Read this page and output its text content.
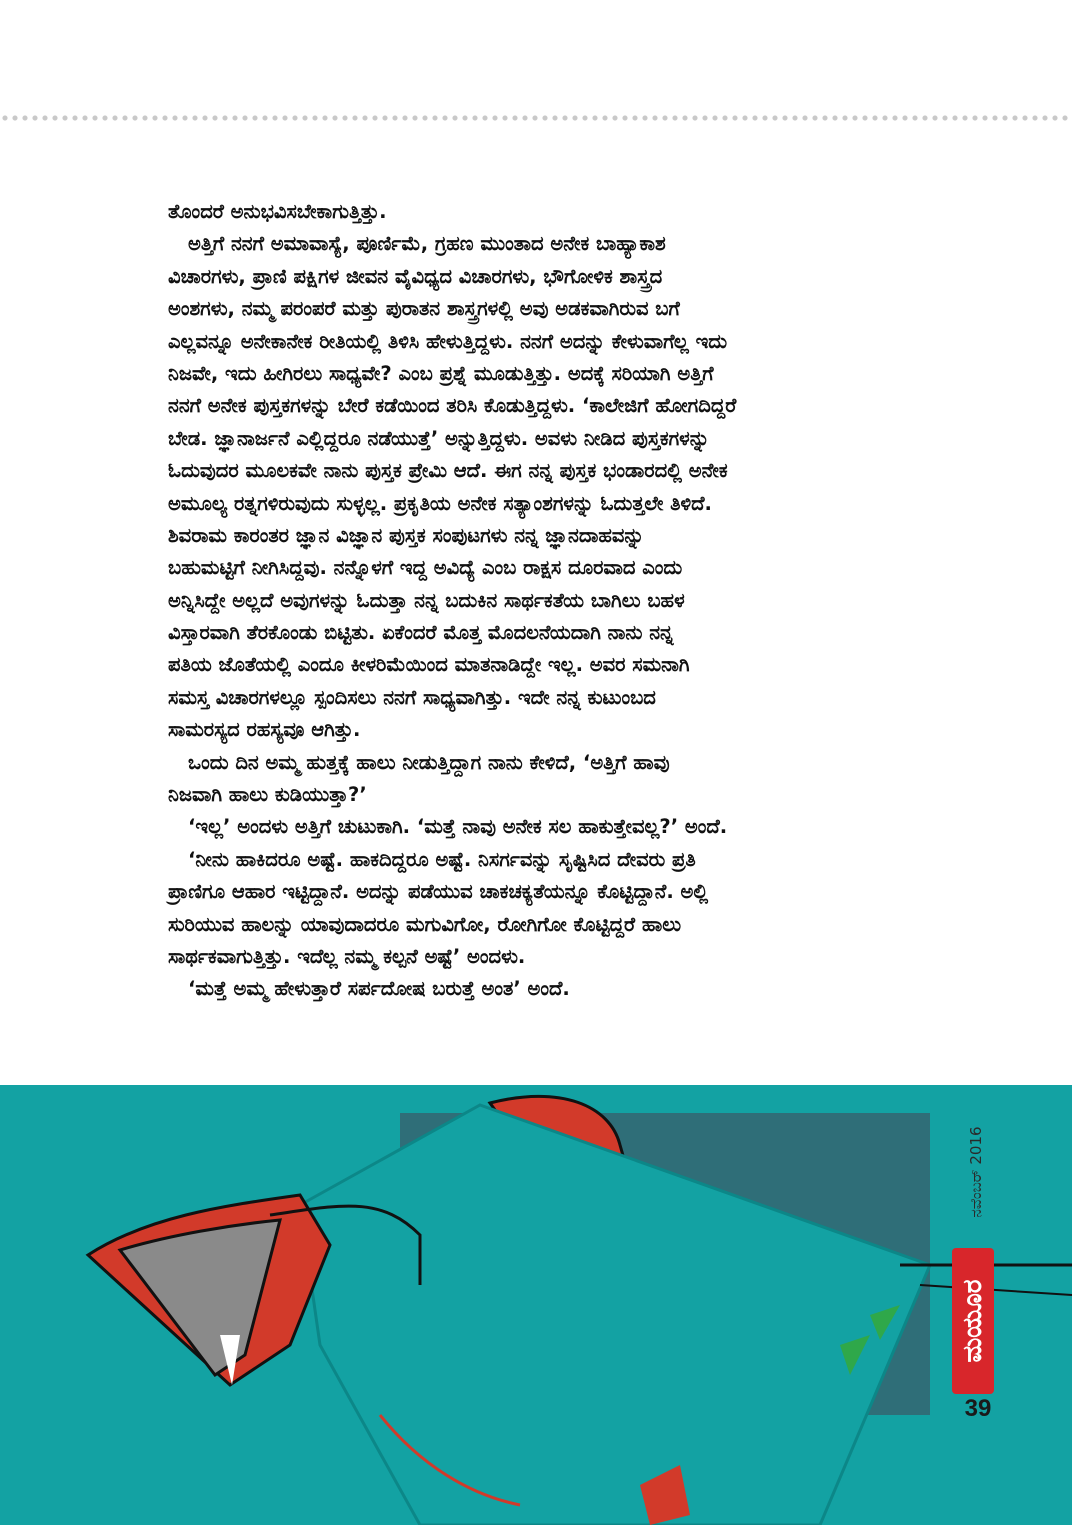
ತೊಂದರೆ ಅನುಭವಿಸಬೇಕಾಗುತ್ತಿತ್ತು.
ಅತ್ತಿಗೆ ನನಗೆ ಅಮಾವಾಸ್ಯೆ, ಪೂರ್ಣಿಮೆ, ಗ್ರಹಣ ಮುಂತಾದ ಅನೇಕ ಬಾಹ್ಯಾಕಾಶ
ವಿಚಾರಗಳು, ಪ್ರಾಣಿ ಪಕ್ಷಿಗಳ ಜೀವನ ವೈವಿಧ್ಯದ ವಿಚಾರಗಳು, ಭೌಗೋಳಿಕ ಶಾಸ್ತ್ರದ
ಅಂಶಗಳು, ನಮ್ಮ ಪರಂಪರೆ ಮತ್ತು ಪುರಾತನ ಶಾಸ್ತ್ರಗಳಲ್ಲಿ ಅವು ಅಡಕವಾಗಿರುವ ಬಗೆ
ಎಲ್ಲವನ್ನೂ ಅನೇಕಾನೇಕ ರೀತಿಯಲ್ಲಿ ತಿಳಿಸಿ ಹೇಳುತ್ತಿದ್ದಳು. ನನಗೆ ಅದನ್ನು ಕೇಳುವಾಗೆಲ್ಲ ಇದು
ನಿಜವೇ, ಇದು ಹೀಗಿರಲು ಸಾಧ್ಯವೇ? ಎಂಬ ಪ್ರಶ್ನೆ ಮೂಡುತ್ತಿತ್ತು. ಅದಕ್ಕೆ ಸರಿಯಾಗಿ ಅತ್ತಿಗೆ
ನನಗೆ ಅನೇಕ ಪುಸ್ತಕಗಳನ್ನು ಬೇರೆ ಕಡೆಯಿಂದ ತರಿಸಿ ಕೊಡುತ್ತಿದ್ದಳು. ‘ಕಾಲೇಜಿಗೆ ಹೋಗದಿದ್ದರೆ
ಬೇಡ. ಜ್ಞಾನಾರ್ಜನೆ ಎಲ್ಲಿದ್ದರೂ ನಡೆಯುತ್ತೆ’ ಅನ್ನುತ್ತಿದ್ದಳು. ಅವಳು ನೀಡಿದ ಪುಸ್ತಕಗಳನ್ನು
ಓದುವುದರ ಮೂಲಕವೇ ನಾನು ಪುಸ್ತಕ ಪ್ರೇಮಿ ಆದೆ. ಈಗ ನನ್ನ ಪುಸ್ತಕ ಭಂಡಾರದಲ್ಲಿ ಅನೇಕ
ಅಮೂಲ್ಯ ರತ್ನಗಳಿರುವುದು ಸುಳ್ಳಲ್ಲ. ಪ್ರಕೃತಿಯ ಅನೇಕ ಸತ್ಯಾಂಶಗಳನ್ನು ಓದುತ್ತಲೇ ತಿಳಿದೆ.
ಶಿವರಾಮ ಕಾರಂತರ ಜ್ಞಾನ ವಿಜ್ಞಾನ ಪುಸ್ತಕ ಸಂಪುಟಗಳು ನನ್ನ ಜ್ಞಾನದಾಹವನ್ನು
ಬಹುಮಟ್ಟಿಗೆ ನೀಗಿಸಿದ್ದವು. ನನ್ನೊಳಗೆ ಇದ್ದ ಅವಿದ್ಯೆ ಎಂಬ ರಾಕ್ಷಸ ದೂರವಾದ ಎಂದು
ಅನ್ನಿಸಿದ್ದೇ ಅಲ್ಲದೆ ಅವುಗಳನ್ನು ಓದುತ್ತಾ ನನ್ನ ಬದುಕಿನ ಸಾರ್ಥಕತೆಯ ಬಾಗಿಲು ಬಹಳ
ವಿಸ್ತಾರವಾಗಿ ತೆರಕೊಂಡು ಬಿಟ್ಟಿತು. ಏಕೆಂದರೆ ಮೊತ್ತ ಮೊದಲನೆಯದಾಗಿ ನಾನು ನನ್ನ
ಪತಿಯ ಜೊತೆಯಲ್ಲಿ ಎಂದೂ ಕೀಳರಿಮೆಯಿಂದ ಮಾತನಾಡಿದ್ದೇ ಇಲ್ಲ. ಅವರ ಸಮನಾಗಿ
ಸಮಸ್ತ ವಿಚಾರಗಳಲ್ಲೂ ಸ್ಪಂದಿಸಲು ನನಗೆ ಸಾಧ್ಯವಾಗಿತ್ತು. ಇದೇ ನನ್ನ ಕುಟುಂಬದ
ಸಾಮರಸ್ಯದ ರಹಸ್ಯವೂ ಆಗಿತ್ತು.
ಒಂದು ದಿನ ಅಮ್ಮ ಹುತ್ತಕ್ಕೆ ಹಾಲು ನೀಡುತ್ತಿದ್ದಾಗ ನಾನು ಕೇಳಿದೆ, ‘ಅತ್ತಿಗೆ ಹಾವು
ನಿಜವಾಗಿ ಹಾಲು ಕುಡಿಯುತ್ತಾ?’
‘ಇಲ್ಲ’ ಅಂದಳು ಅತ್ತಿಗೆ ಚುಟುಕಾಗಿ. ‘ಮತ್ತೆ ನಾವು ಅನೇಕ ಸಲ ಹಾಕುತ್ತೇವಲ್ಲ?’ ಅಂದೆ.
‘ನೀನು ಹಾಕಿದರೂ ಅಷ್ಟೆ. ಹಾಕದಿದ್ದರೂ ಅಷ್ಟೆ. ನಿಸರ್ಗವನ್ನು ಸೃಷ್ಟಿಸಿದ ದೇವರು ಪ್ರತಿ
ಪ್ರಾಣಿಗೂ ಆಹಾರ ಇಟ್ಟಿದ್ದಾನೆ. ಅದನ್ನು ಪಡೆಯುವ ಚಾಕಚಕ್ಯತೆಯನ್ನೂ ಕೊಟ್ಟಿದ್ದಾನೆ. ಅಲ್ಲಿ
ಸುರಿಯುವ ಹಾಲನ್ನು ಯಾವುದಾದರೂ ಮಗುವಿಗೋ, ರೋಗಿಗೋ ಕೊಟ್ಟಿದ್ದರೆ ಹಾಲು
ಸಾರ್ಥಕವಾಗುತ್ತಿತ್ತು. ಇದೆಲ್ಲ ನಮ್ಮ ಕಲ್ಪನೆ ಅಷ್ಟೆ’ ಅಂದಳು.
‘ಮತ್ತೆ ಅಮ್ಮ ಹೇಳುತ್ತಾರೆ ಸರ್ಪದೋಷ ಬರುತ್ತೆ ಅಂತ’ ಅಂದೆ.
ಮಯೂರ
ನವೆಂಬರ್ 2016
39
